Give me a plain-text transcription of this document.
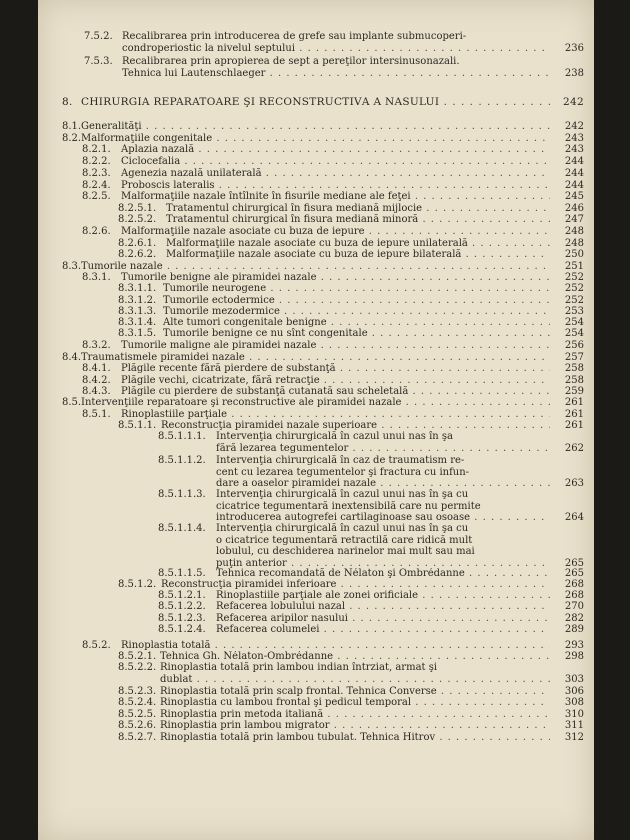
7.5.2. Recalibrarea prin introducerea de grefe sau implante submucoperi-
condroperiostic la nivelul septului . . .	236
7.5.3. Recalibrarea prin apropierea de sept a pereţilor intersinusonazali.
Tehnica lui Lautenschlaeger . . .	238
8. CHIRURGIA REPARATOARE ŞI RECONSTRUCTIVĂ A NASULUI . . .	242
8.1. Generalităţi . . .	242
8.2. Malformaţiile congenitale . . .	243
8.2.1. Aplazia nazală . . .	243
8.2.2. Ciclocefalia . . .	244
8.2.3. Agenezia nazală unilaterală . . .	244
8.2.4. Proboscis lateralis . . .	244
8.2.5. Malformaţiile nazale întîlnite în fisurile mediane ale feţei . . .	245
8.2.5.1. Tratamentul chirurgical în fisura mediană mijlocie . . .	246
8.2.5.2. Tratamentul chirurgical în fisura mediană minoră . . .	247
8.2.6. Malformaţiile nazale asociate cu buza de iepure . . .	248
8.2.6.1. Malformaţiile nazale asociate cu buza de iepure unilaterală . . .	248
8.2.6.2. Malformaţiile nazale asociate cu buza de iepure bilaterală . . .	250
8.3. Tumorile nazale . . .	251
8.3.1. Tumorile benigne ale piramidei nazale . . .	252
8.3.1.1. Tumorile neurogene . . .	252
8.3.1.2. Tumorile ectodermice . . .	252
8.3.1.3. Tumorile mezodermice . . .	253
8.3.1.4. Alte tumori congenitale benigne . . .	254
8.3.1.5. Tumorile benigne ce nu sînt congenitale . . .	254
8.3.2. Tumorile maligne ale piramidei nazale . . .	256
8.4. Traumatismele piramidei nazale . . .	257
8.4.1. Plăgile recente fără pierdere de substanţă . . .	258
8.4.2. Plăgile vechi, cicatrizate, fără retracţie . . .	258
8.4.3. Plăgile cu pierdere de substanţă cutanată sau scheletală . . .	259
8.5. Intervenţiile reparatoare şi reconstructive ale piramidei nazale . . .	261
8.5.1. Rinoplastiile parţiale . . .	261
8.5.1.1. Reconstrucţia piramidei nazale superioare . . .	261
8.5.1.1.1. Intervenţia chirurgicală în cazul unui nas în şa
fără lezarea tegumentelor . . .	262
8.5.1.1.2. Intervenţia chirurgicală în caz de traumatism re-
cent cu lezarea tegumentelor şi fractura cu infun-
dare a oaselor piramidei nazale . . .	263
8.5.1.1.3. Intervenţia chirurgicală în cazul unui nas în şa cu
cicatrice tegumentară inextensibilă care nu permite
introducerea autogrefei cartilaginoase sau osoase . . .	264
8.5.1.1.4. Intervenţia chirurgicală în cazul unui nas în şa cu
o cicatrice tegumentară retractilă care ridică mult
lobulul, cu deschiderea narinelor mai mult sau mai
puţin anterior . . .	265
8.5.1.1.5. Tehnica recomandată de Nélaton şi Ombrédanne . . .	265
8.5.1.2. Reconstrucţia piramidei inferioare . . .	268
8.5.1.2.1. Rinoplastiile parţiale ale zonei orificiale . . .	268
8.5.1.2.2. Refacerea lobulului nazal . . .	270
8.5.1.2.3. Refacerea aripilor nasului . . .	282
8.5.1.2.4. Refacerea columelei . . .	289
8.5.2. Rinoplastia totală . . .	293
8.5.2.1. Tehnica Gh. Nélaton-Ombrédanne . . .	298
8.5.2.2. Rinoplastia totală prin lambou indian întrziat, armat şi
dublat . . .	303
8.5.2.3. Rinoplastia totală prin scalp frontal. Tehnica Converse . . .	306
8.5.2.4. Rinoplastia cu lambou frontal şi pedicul temporal . . .	308
8.5.2.5. Rinoplastia prin metoda italiană . . .	310
8.5.2.6. Rinoplastia prin lambou migrator . . .	311
8.5.2.7. Rinoplastia totală prin lambou tubulat. Tehnica Hitrov . . .	312
